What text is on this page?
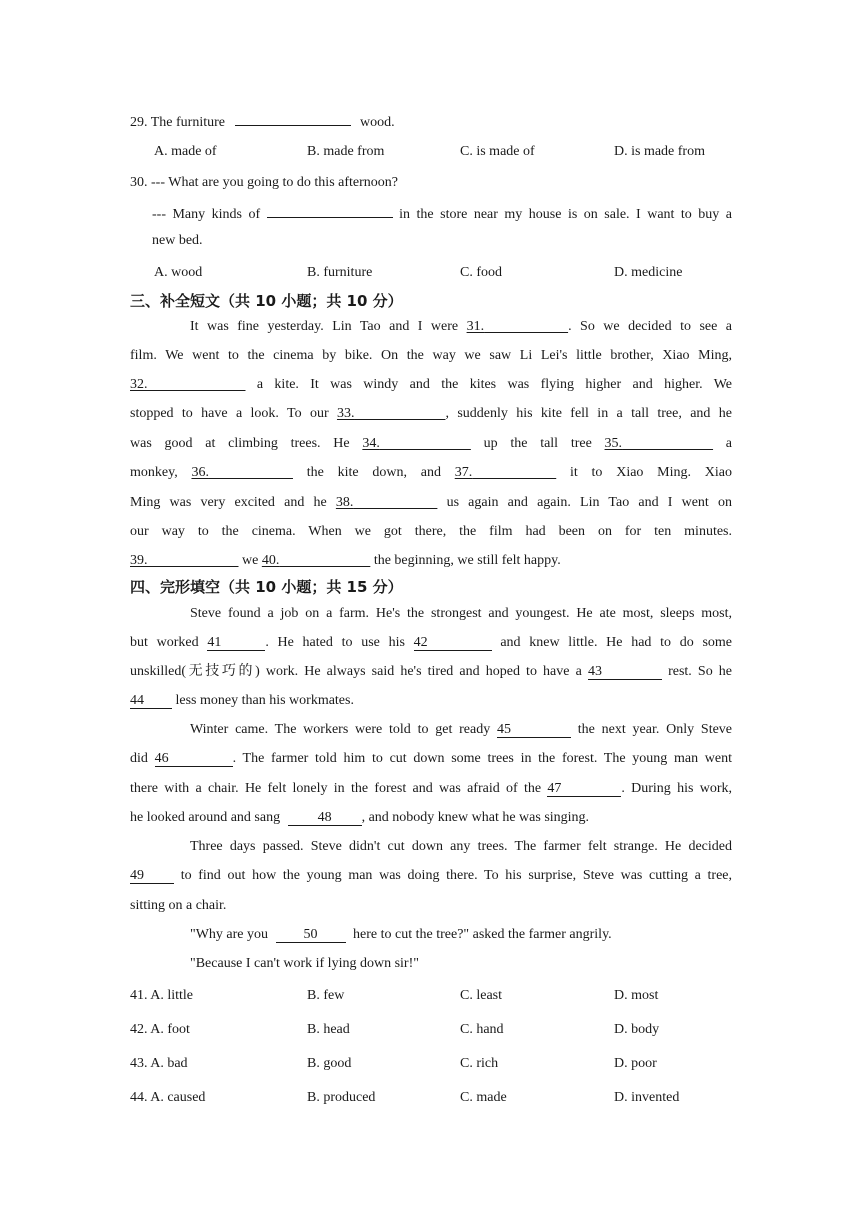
29. The furniture	wood.
A. made of	B. made from	C. is made of	D. is made from
30. --- What are you going to do this afternoon?
--- Many kinds of	in the store near my house is on sale. I want to buy a
new bed.
A. wood	B. furniture	C. food	D. medicine
三、补全短文（共 10 小题；共 10 分）
It was fine yesterday. Lin Tao and I were 31.            	. So we decided to see a
film. We went to the cinema by bike. On the way we saw Li Lei's little brother, Xiao Ming,
32.              	a kite. It was windy and the kites was flying higher and higher. We
stopped to have a look. To our 33.             	, suddenly his kite fell in a tall tree, and he
was good at climbing trees. He 34.             	up the tall tree 35.             	a
monkey, 36.            	the kite down, and 37.            	it to Xiao Ming. Xiao
Ming was very excited and he 38.            	us again and again. Lin Tao and I went on
our way to the cinema. When we got there, the film had been on for ten minutes.
39.             	we 40.             	the beginning, we still felt happy.
四、完形填空（共 10 小题；共 15 分）
Steve found a job on a farm. He's the strongest and youngest. He ate most, sleeps most,
but worked 41	. He hated to use his 42	and knew little. He had to do some
unskilled(无技巧的) work. He always said he's tired and hoped to have a 43	rest. So he
44 less money than his workmates.
Winter came. The workers were told to get ready 45	the next year. Only Steve
did 46	. The farmer told him to cut down some trees in the forest. The young man went
there with a chair. He felt lonely in the forest and was afraid of the 47	. During his work,
he looked around and sang	48 , and nobody knew what he was singing.
Three days passed. Steve didn't cut down any trees. The farmer felt strange. He decided
49	to find out how the young man was doing there. To his surprise, Steve was cutting a tree,
sitting on a chair.
"Why are you	50	here to cut the tree?" asked the farmer angrily.
"Because I can't work if lying down sir!"
41. A. little	B. few	C. least	D. most
42. A. foot	B. head	C. hand	D. body
43. A. bad	B. good	C. rich	D. poor
44. A. caused	B. produced	C. made	D. invented
